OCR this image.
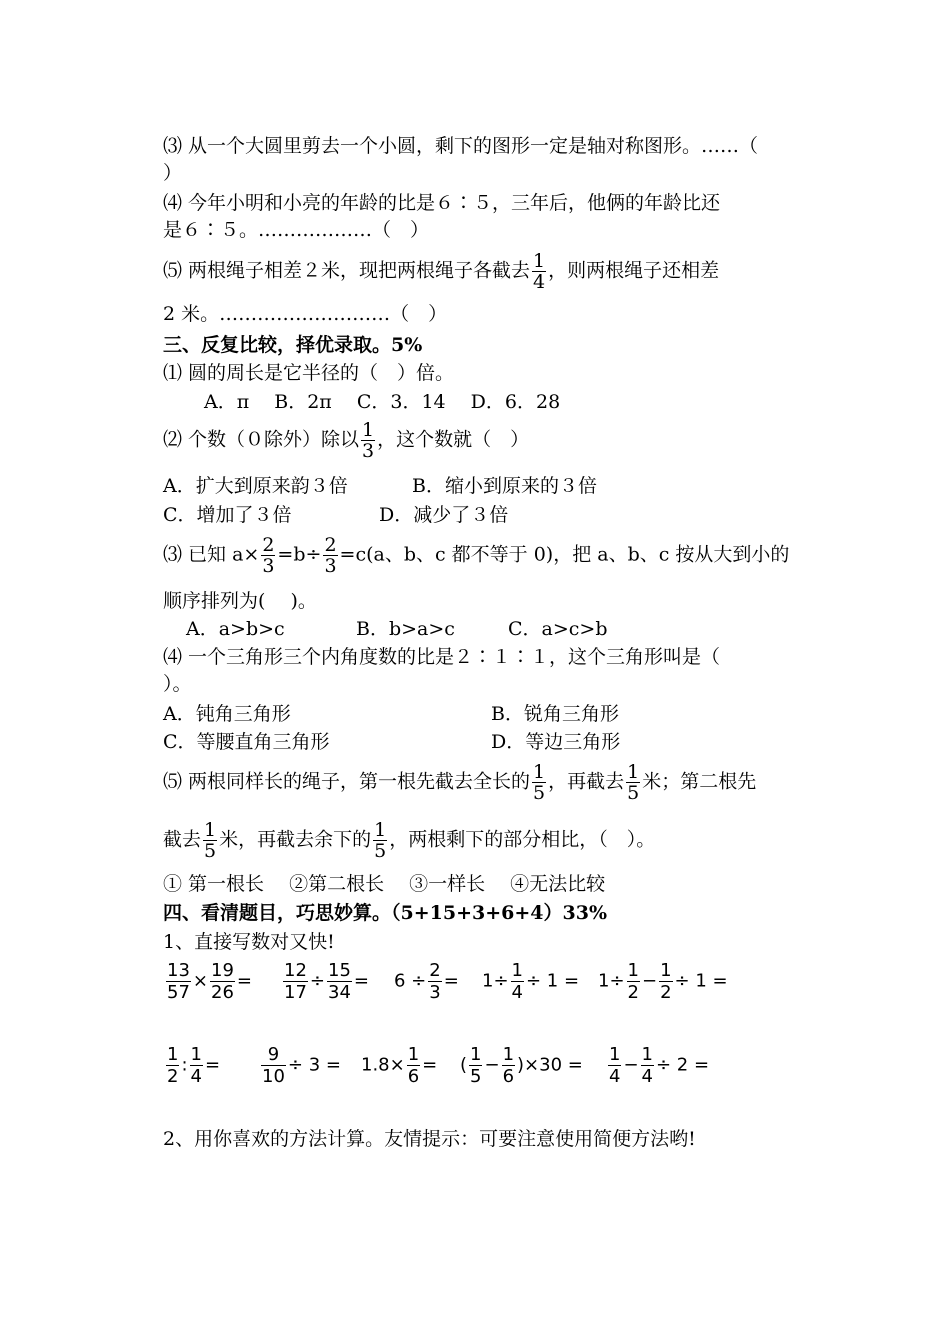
⑶ 从一个大圆里剪去一个小圆，剩下的图形一定是轴对称图形。……（
）
⑷ 今年小明和小亮的年龄的比是６∶５，三年后，他俩的年龄比还
是６∶５。………………（　）
⑸ 两根绳子相差２米，现把两根绳子各截去 $\frac{1}{4}$ ，则两根绳子还相差
2 米。………………………（　）
三、反复比较，择优录取。5%
⑴ 圆的周长是它半径的（　）倍。
A．π　 B．2π　 C．3．14　 D．6．28
⑵ 个数（０除外）除以 $\frac{1}{3}$ ，这个数就（　）
A．扩大到原来韵３倍	B．缩小到原来的３倍
C．增加了３倍	D．减少了３倍
⑶ 已知 $a\times \frac{2}{3} =b\div \frac{2}{3} =c(a$、b、c 都不等于 0)，把 a、b、c 按从大到小的
顺序排列为(　 )。
A．a>b>c	B．b>a>c	C．a>c>b
⑷ 一个三角形三个内角度数的比是２∶１∶１，这个三角形叫是（
）。
A．钝角三角形	B．锐角三角形
C．等腰直角三角形	D．等边三角形
⑸ 两根同样长的绳子，第一根先截去全长的 $\frac{1}{5}$ ，再截去 $\frac{1}{5}$ 米；第二根先
截去 $\frac{1}{5}$ 米，再截去余下的 $\frac{1}{5}$ ，两根剩下的部分相比，（　）。
① 第一根长　 ②第二根长　 ③一样长　 ④无法比较
四、看清题目，巧思妙算。（5+15+3+6+4）33%
1、直接写数对又快!
$\frac{13}{57} \times \frac{19}{26} = \frac{12}{17} \div \frac{15}{34} = 6 \div \frac{2}{3} = 1\div \frac{1}{4} \div 1 = 1\div \frac{1}{2} - \frac{1}{2} \div 1$ =
$\frac{1}{2}$ : $\frac{1}{4} = \frac{9}{10} \div 3 = 1.8\times \frac{1}{6}$ = ( $\frac{1}{5} - \frac{1}{6} )\times 30 = \frac{1}{4} - \frac{1}{4} \div 2$ =
2、用你喜欢的方法计算。友情提示：可要注意使用简便方法哟!
